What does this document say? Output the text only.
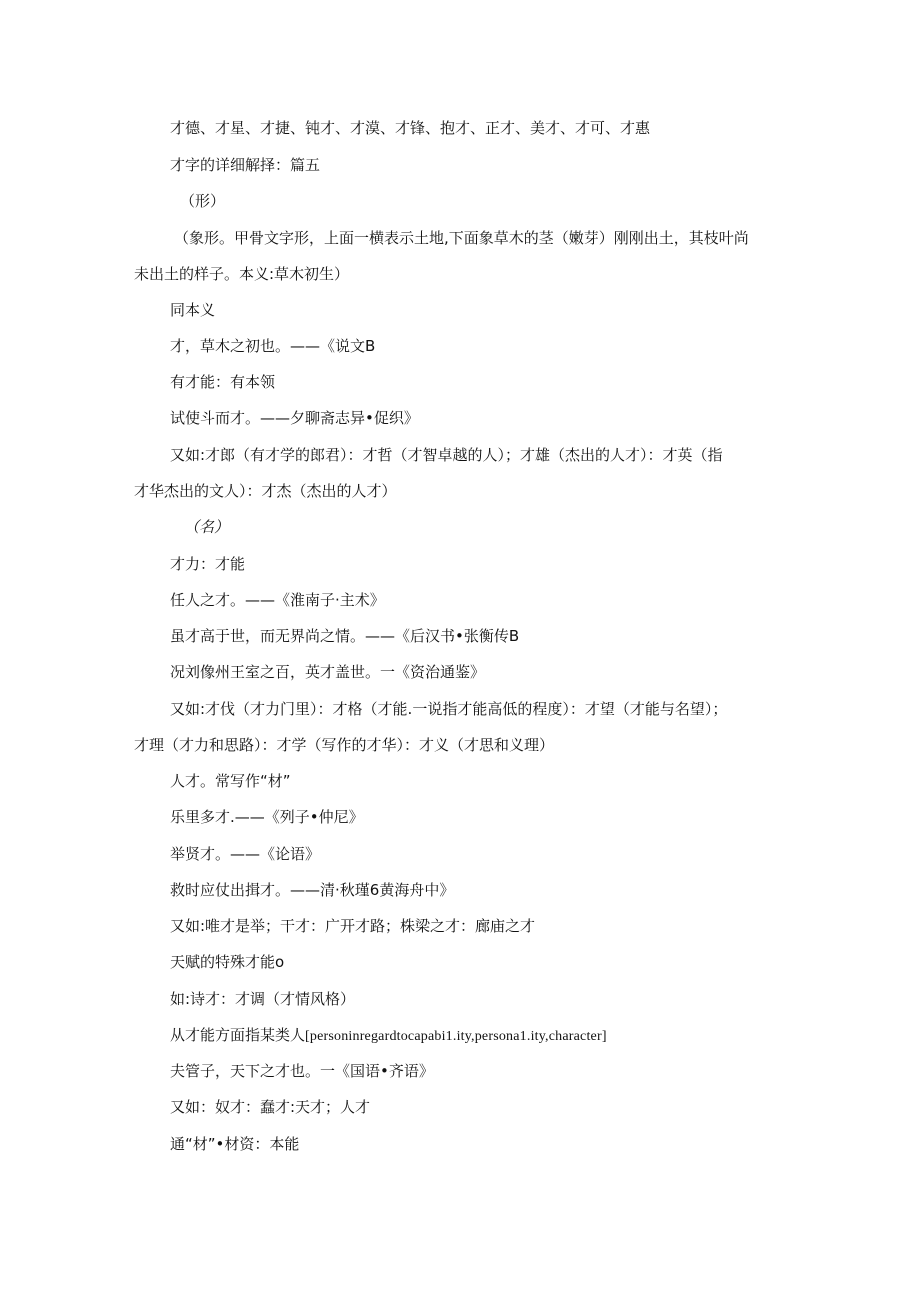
才德、才星、才捷、钝才、才漠、才锋、抱才、正才、美才、才可、才惠
才字的详细解择：篇五
（形）
（象形。甲骨文字形，上面一横表示土地,下面象草木的茎（嫩芽）刚刚出土，其枝叶尚
未出土的样子。本义:草木初生）
同本义
才，草木之初也。——《说文B
有才能：有本领
试使斗而才。——夕聊斋志异•促织》
又如:才郎（有才学的郎君）：才哲（才智卓越的人）；才雄（杰出的人才）：才英（指
才华杰出的文人）：才杰（杰出的人才）
（名）
才力：才能
任人之才。——《淮南子·主术》
虽才高于世，而无界尚之情。——《后汉书•张衡传B
况刘像州王室之百，英才盖世。一《资治通鉴》
又如:才伐（才力门里）：才格（才能.一说指才能高低的程度）：才望（才能与名望）；
才理（才力和思路）：才学（写作的才华）：才义（才思和义理）
人才。常写作“材”
乐里多才.——《列子•仲尼》
举贤才。——《论语》
救时应仗出揖才。——清·秋瑾6黄海舟中》
又如:唯才是举；干才：广开才路；株梁之才：廊庙之才
天赋的特殊才能o
如:诗才：才调（才情风格）
从才能方面指某类人[personinregardtocapabi1.ity,persona1.ity,character]
夫管子，天下之才也。一《国语•齐语》
又如：奴才：蠢才:天才；人才
通“材”•材资：本能
